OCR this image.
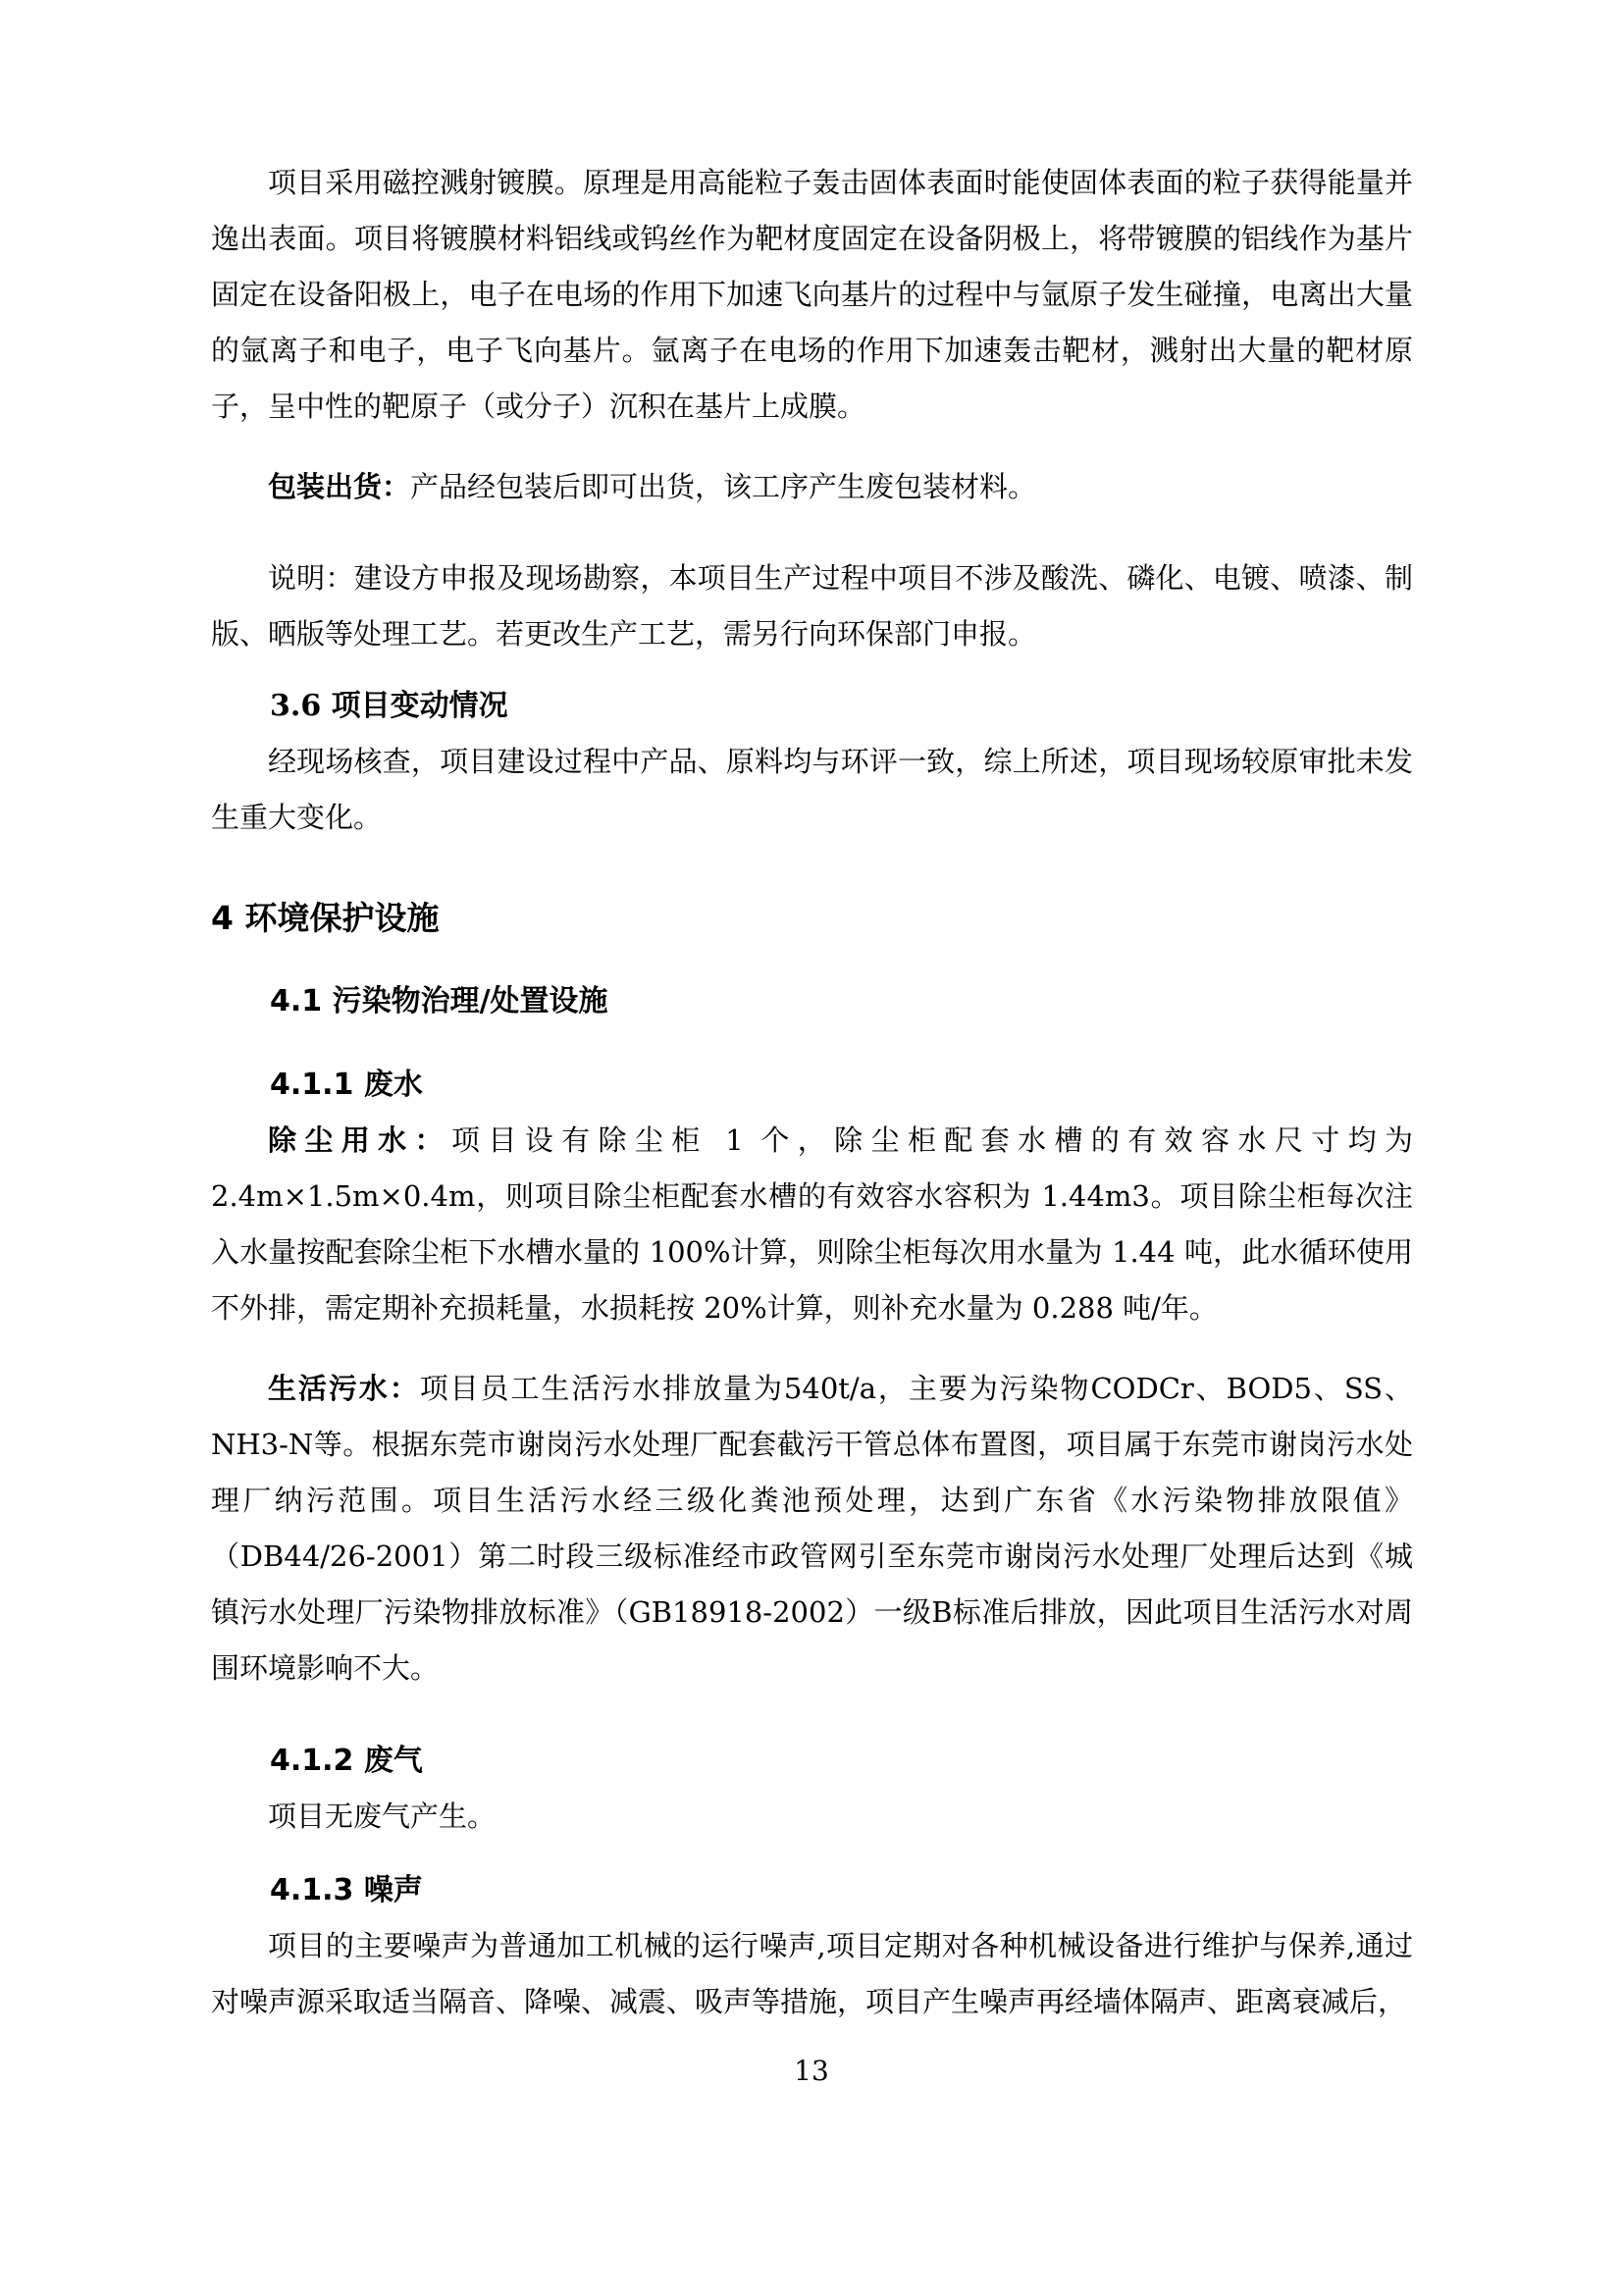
项目采用磁控溅射镀膜。原理是用高能粒子轰击固体表面时能使固体表面的粒子获得能量并逸出表面。项目将镀膜材料铝线或钨丝作为靶材度固定在设备阴极上，将带镀膜的铝线作为基片固定在设备阳极上，电子在电场的作用下加速飞向基片的过程中与氩原子发生碰撞，电离出大量的氩离子和电子，电子飞向基片。氩离子在电场的作用下加速轰击靶材，溅射出大量的靶材原子，呈中性的靶原子（或分子）沉积在基片上成膜。

包装出货：产品经包装后即可出货，该工序产生废包装材料。

说明：建设方申报及现场勘察，本项目生产过程中项目不涉及酸洗、磷化、电镀、喷漆、制版、晒版等处理工艺。若更改生产工艺，需另行向环保部门申报。

3.6 项目变动情况

经现场核查，项目建设过程中产品、原料均与环评一致，综上所述，项目现场较原审批未发生重大变化。

4 环境保护设施
4.1 污染物治理/处置设施
4.1.1 废水

除尘用水：项目设有除尘柜 1 个，除尘柜配套水槽的有效容水尺寸均为 2.4m×1.5m×0.4m，则项目除尘柜配套水槽的有效容水容积为 1.44m3。项目除尘柜每次注入水量按配套除尘柜下水槽水量的 100%计算，则除尘柜每次用水量为 1.44 吨，此水循环使用不外排，需定期补充损耗量，水损耗按 20%计算，则补充水量为 0.288 吨/年。

生活污水：项目员工生活污水排放量为540t/a，主要为污染物CODCr、BOD5、SS、NH3-N等。根据东莞市谢岗污水处理厂配套截污干管总体布置图，项目属于东莞市谢岗污水处理厂纳污范围。项目生活污水经三级化粪池预处理，达到广东省《水污染物排放限值》（DB44/26-2001）第二时段三级标准经市政管网引至东莞市谢岗污水处理厂处理后达到《城镇污水处理厂污染物排放标准》（GB18918-2002）一级B标准后排放，因此项目生活污水对周围环境影响不大。

4.1.2 废气

项目无废气产生。

4.1.3 噪声

项目的主要噪声为普通加工机械的运行噪声,项目定期对各种机械设备进行维护与保养,通过对噪声源采取适当隔音、降噪、减震、吸声等措施，项目产生噪声再经墙体隔声、距离衰减后，

13
